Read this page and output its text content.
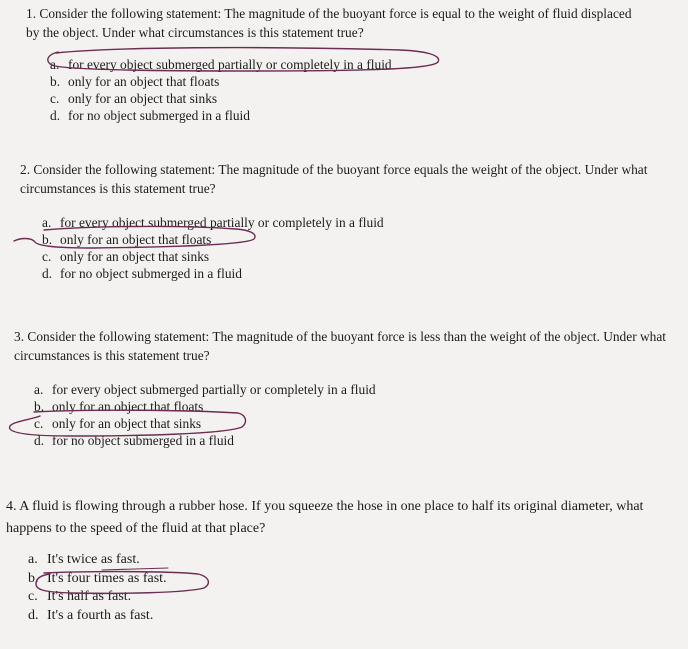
1. Consider the following statement: The magnitude of the buoyant force is equal to the weight of fluid displaced by the object. Under what circumstances is this statement true?

a. for every object submerged partially or completely in a fluid
b. only for an object that floats
c. only for an object that sinks
d. for no object submerged in a fluid

2. Consider the following statement: The magnitude of the buoyant force equals the weight of the object. Under what circumstances is this statement true?

a. for every object submerged partially or completely in a fluid
b. only for an object that floats
c. only for an object that sinks
d. for no object submerged in a fluid

3. Consider the following statement: The magnitude of the buoyant force is less than the weight of the object. Under what circumstances is this statement true?

a. for every object submerged partially or completely in a fluid
b. only for an object that floats
c. only for an object that sinks
d. for no object submerged in a fluid

4. A fluid is flowing through a rubber hose. If you squeeze the hose in one place to half its original diameter, what happens to the speed of the fluid at that place?

a. It's twice as fast.
b. It's four times as fast.
c. It's half as fast.
d. It's a fourth as fast.
